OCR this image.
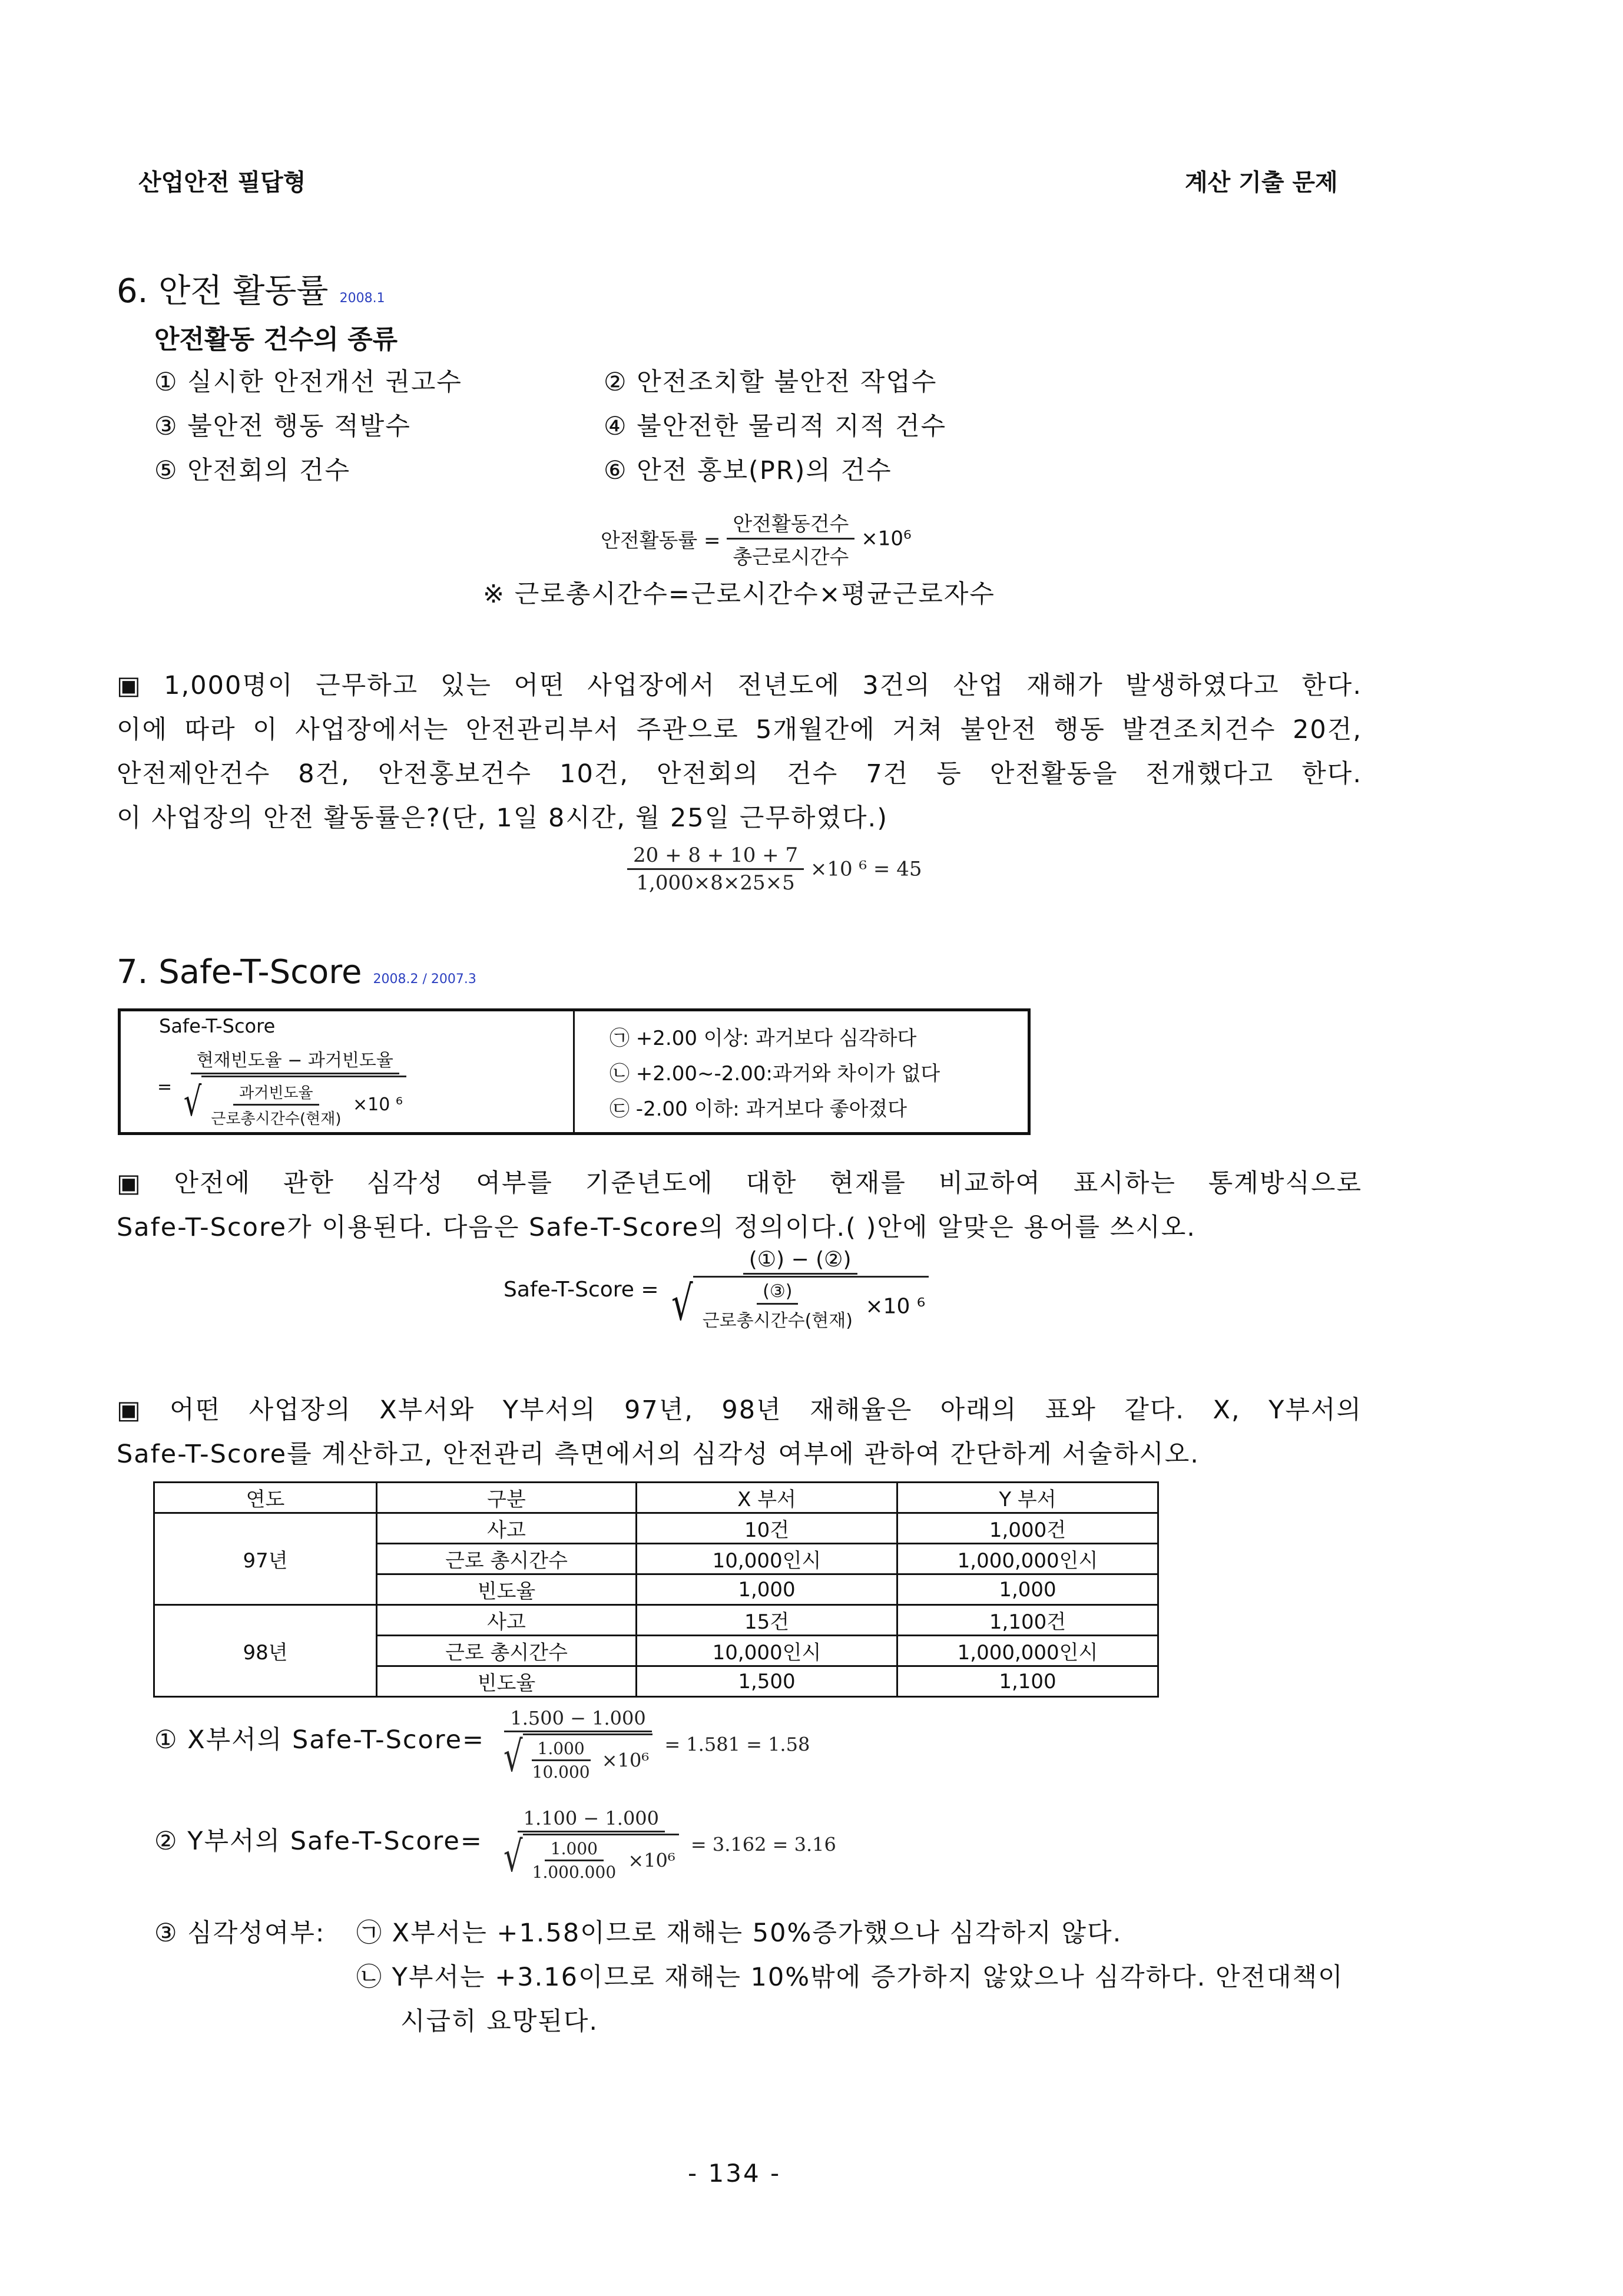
산업안전 필답형	계산 기출 문제
6. 안전 활동률 2008.1
안전활동 건수의 종류
① 실시한 안전개선 권고수	② 안전조치할 불안전 작업수
③ 불안전 행동 적발수	④ 불안전한 물리적 지적 건수
⑤ 안전회의 건수	⑥ 안전 홍보(PR)의 건수
안전활동률 = $\frac{\text{안전활동건수}}{\text{총근로시간수}} \times 10^6$
※ 근로총시간수=근로시간수×평균근로자수
▣ 1,000명이 근무하고 있는 어떤 사업장에서 전년도에 3건의 산업 재해가 발생하였다고 한다.
이에 따라 이 사업장에서는 안전관리부서 주관으로 5개월간에 거쳐 불안전 행동 발견조치건수 20건,
안전제안건수 8건, 안전홍보건수 10건, 안전회의 건수 7건 등 안전활동을 전개했다고 한다.
이 사업장의 안전 활동률은?(단, 1일 8시간, 월 25일 근무하였다.)
$\frac{20 + 8 + 10 + 7}{1,000\times 8\times 25\times 5} \times 10$ ⁶ = 45
7. Safe-T-Score 2008.2 / 2007.3
Safe-T-Score
=
현재빈도율 − 과거빈도율
√ $\frac{\text{과거빈도율}}{\text{근로총시간수(현재)}} \times 10$ ⁶
㉠ +2.00 이상: 과거보다 심각하다
㉡ +2.00~-2.00:과거와 차이가 없다
㉢ -2.00 이하: 과거보다 좋아졌다
▣ 안전에 관한 심각성 여부를 기준년도에 대한 현재를 비교하여 표시하는 통계방식으로
Safe-T-Score가 이용된다. 다음은 Safe-T-Score의 정의이다.( )안에 알맞은 용어를 쓰시오.
Safe-T-Score =
(①) − (②)
√ $\frac{\text{(③)}}{\text{근로총시간수(현재)}} \times 10$ ⁶
▣ 어떤 사업장의 X부서와 Y부서의 97년, 98년 재해율은 아래의 표와 같다. X, Y부서의
Safe-T-Score를 계산하고, 안전관리 측면에서의 심각성 여부에 관하여 간단하게 서술하시오.
연도	구분	X 부서	Y 부서
97년	사고	10건	1,000건
	근로 총시간수	10,000인시	1,000,000인시
	빈도율	1,000	1,000
98년	사고	15건	1,100건
	근로 총시간수	10,000인시	1,000,000인시
	빈도율	1,500	1,100
① X부서의 Safe-T-Score=
1.500 − 1.000
√ $\frac{1.000}{10.000} \times 10^6$
= 1.581 = 1.58
② Y부서의 Safe-T-Score=
1.100 − 1.000
√ $\frac{1.000}{1.000.000} \times 10^6$
= 3.162 = 3.16
③ 심각성여부: ㉠ X부서는 +1.58이므로 재해는 50%증가했으나 심각하지 않다.
㉡ Y부서는 +3.16이므로 재해는 10%밖에 증가하지 않았으나 심각하다. 안전대책이
시급히 요망된다.
- 134 -
